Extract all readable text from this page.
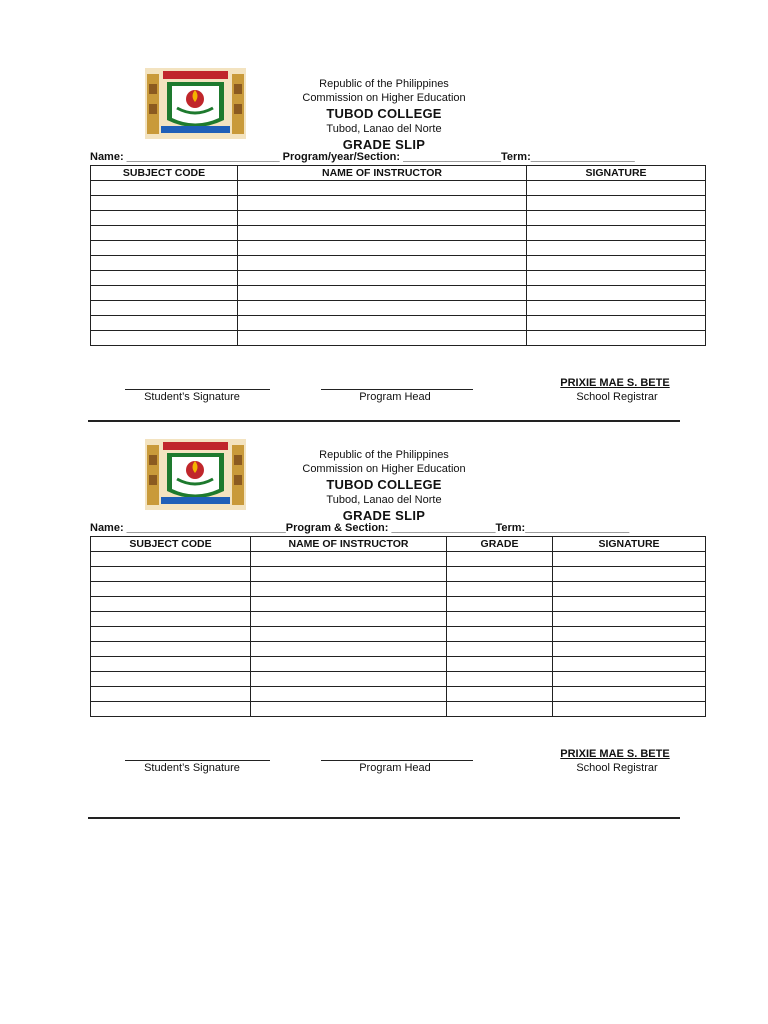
Republic of the Philippines
Commission on Higher Education
TUBOD COLLEGE
Tubod, Lanao del Norte
GRADE SLIP
Name: _________________________ Program/year/Section: ________________Term:_________________
SUBJECT CODE	NAME OF INSTRUCTOR	SIGNATURE

Student’s Signature	Program Head
PRIXIE MAE S. BETE
School Registrar
Republic of the Philippines
Commission on Higher Education
TUBOD COLLEGE
Tubod, Lanao del Norte
GRADE SLIP
Name: __________________________Program & Section: _________________Term:_________________
SUBJECT CODE	NAME OF INSTRUCTOR	GRADE	SIGNATURE

Student’s Signature	Program Head
PRIXIE MAE S. BETE
School Registrar
